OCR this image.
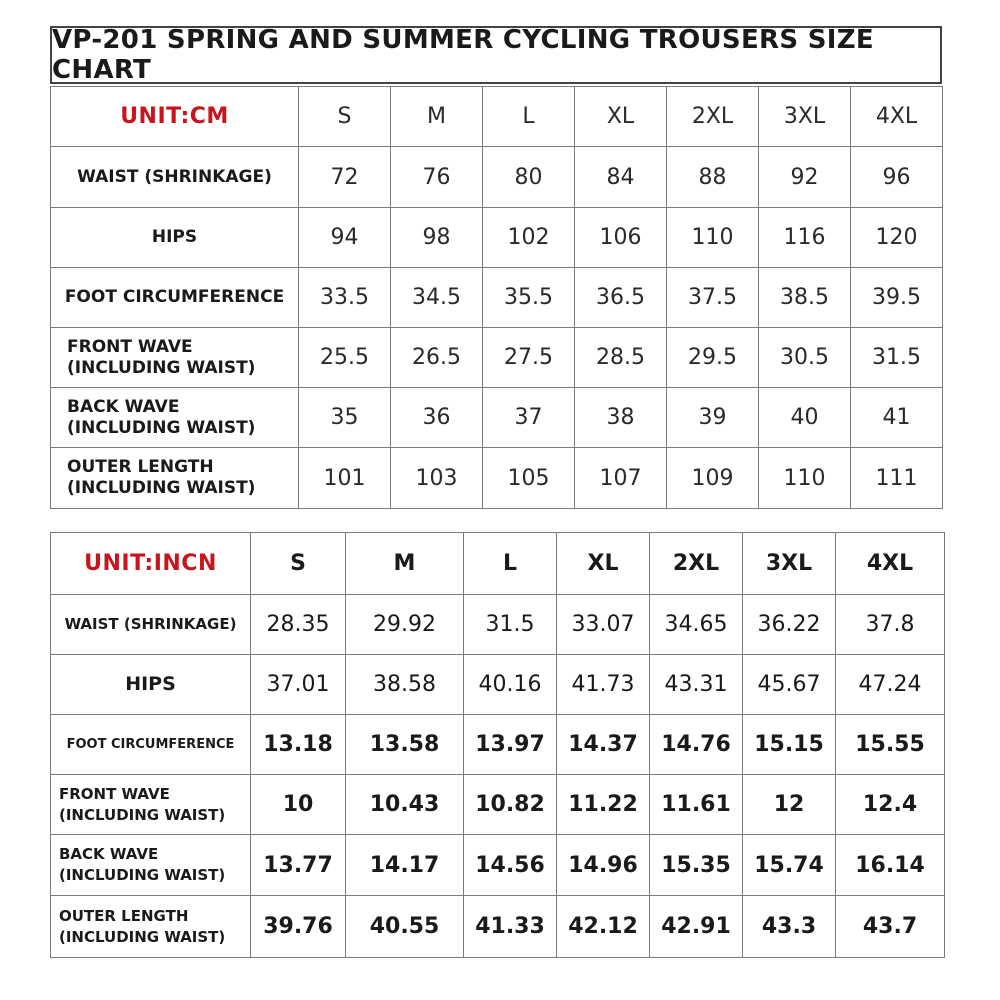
VP-201 SPRING AND SUMMER CYCLING TROUSERS SIZE CHART
UNIT:CM	S	M	L	XL	2XL	3XL	4XL

WAIST (SHRINKAGE)	72	76	80	84	88	92	96

HIPS	94	98	102	106	110	116	120

FOOT CIRCUMFERENCE	33.5	34.5	35.5	36.5	37.5	38.5	39.5

FRONT WAVE
(INCLUDING WAIST)	25.5	26.5	27.5	28.5	29.5	30.5	31.5

BACK WAVE
(INCLUDING WAIST)	35	36	37	38	39	40	41

OUTER LENGTH
(INCLUDING WAIST)	101	103	105	107	109	110	111
UNIT:INCN	S	M	L	XL	2XL	3XL	4XL

WAIST (SHRINKAGE)	28.35	29.92	31.5	33.07	34.65	36.22	37.8

HIPS	37.01	38.58	40.16	41.73	43.31	45.67	47.24

FOOT CIRCUMFERENCE	13.18	13.58	13.97	14.37	14.76	15.15	15.55

FRONT WAVE
(INCLUDING WAIST)	10	10.43	10.82	11.22	11.61	12	12.4

BACK WAVE
(INCLUDING WAIST)	13.77	14.17	14.56	14.96	15.35	15.74	16.14

OUTER LENGTH
(INCLUDING WAIST)	39.76	40.55	41.33	42.12	42.91	43.3	43.7
